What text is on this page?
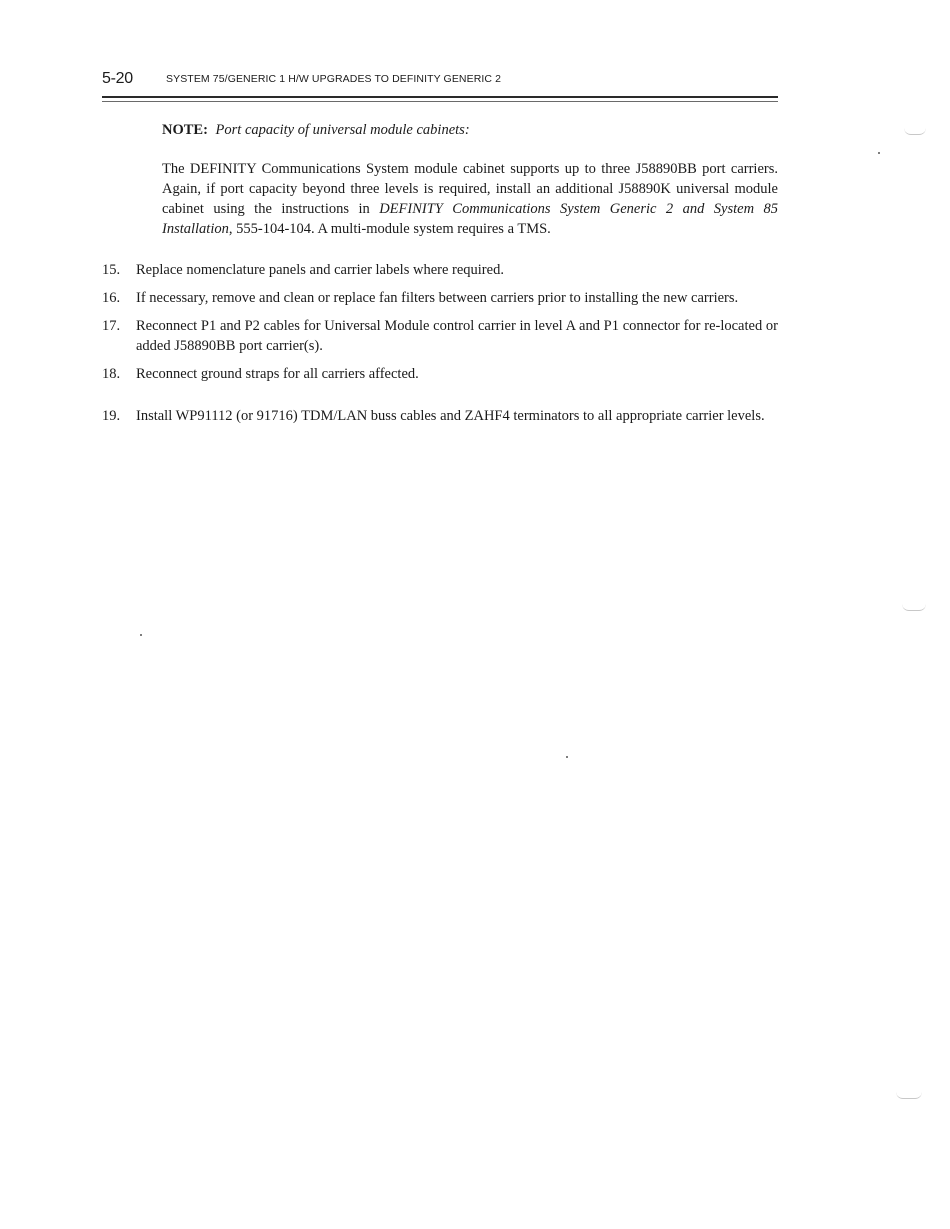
5-20	SYSTEM 75/GENERIC 1 H/W UPGRADES TO DEFINITY GENERIC 2

NOTE: Port capacity of universal module cabinets:

The DEFINITY Communications System module cabinet supports up to three J58890BB port carriers. Again, if port capacity beyond three levels is required, install an additional J58890K universal module cabinet using the instructions in DEFINITY Communications System Generic 2 and System 85 Installation, 555-104-104. A multi-module system requires a TMS.

15. Replace nomenclature panels and carrier labels where required.
16. If necessary, remove and clean or replace fan filters between carriers prior to installing the new carriers.
17. Reconnect P1 and P2 cables for Universal Module control carrier in level A and P1 connector for re-located or added J58890BB port carrier(s).
18. Reconnect ground straps for all carriers affected.
19. Install WP91112 (or 91716) TDM/LAN buss cables and ZAHF4 terminators to all appropriate carrier levels.
